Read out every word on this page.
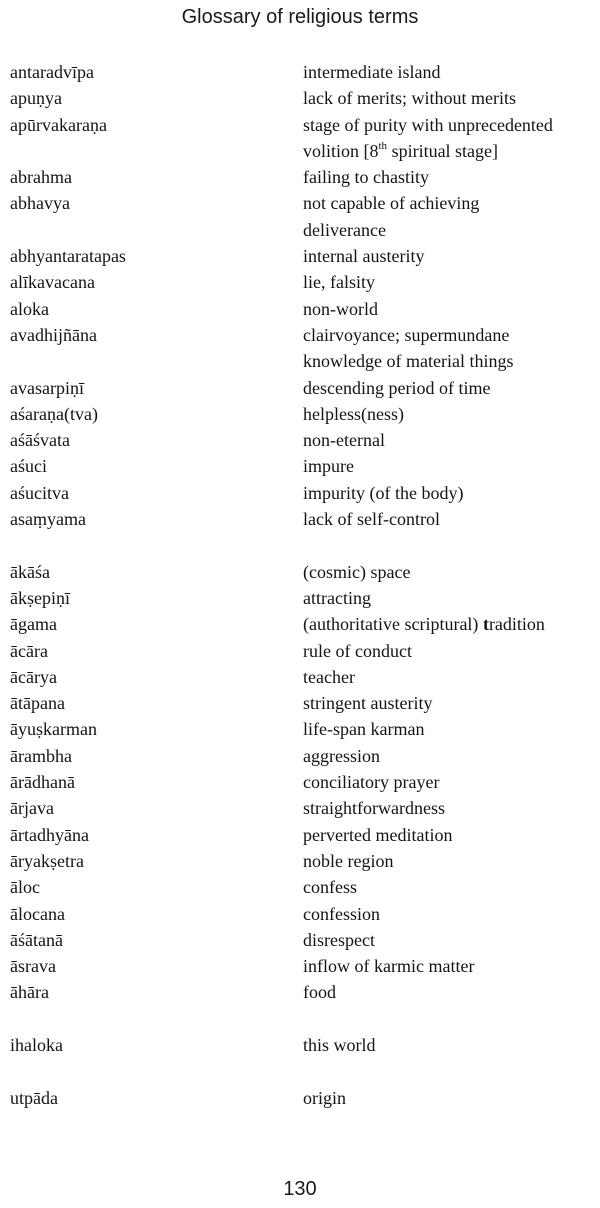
Glossary of religious terms
antaradvīpa	intermediate island
apuṇya	lack of merits; without merits
apūrvakaraṇa	stage of purity with unprecedented
volition [8th spiritual stage]
abrahma	failing to chastity
abhavya	not capable of achieving
deliverance
abhyantaratapas	internal austerity
alīkavacana	lie, falsity
aloka	non-world
avadhijñāna	clairvoyance; supermundane
knowledge of material things
avasarpiṇī	descending period of time
aśaraṇa(tva)	helpless(ness)
aśāśvata	non-eternal
aśuci	impure
aśucitva	impurity (of the body)
asaṃyama	lack of self-control
ākāśa	(cosmic) space
ākṣepiṇī	attracting
āgama	(authoritative scriptural) tradition
ācāra	rule of conduct
ācārya	teacher
ātāpana	stringent austerity
āyuṣkarman	life-span karman
ārambha	aggression
ārādhanā	conciliatory prayer
ārjava	straightforwardness
ārtadhyāna	perverted meditation
āryakṣetra	noble region
āloc	confess
ālocana	confession
āśātanā	disrespect
āsrava	inflow of karmic matter
āhāra	food
ihaloka	this world
utpāda	origin
130
